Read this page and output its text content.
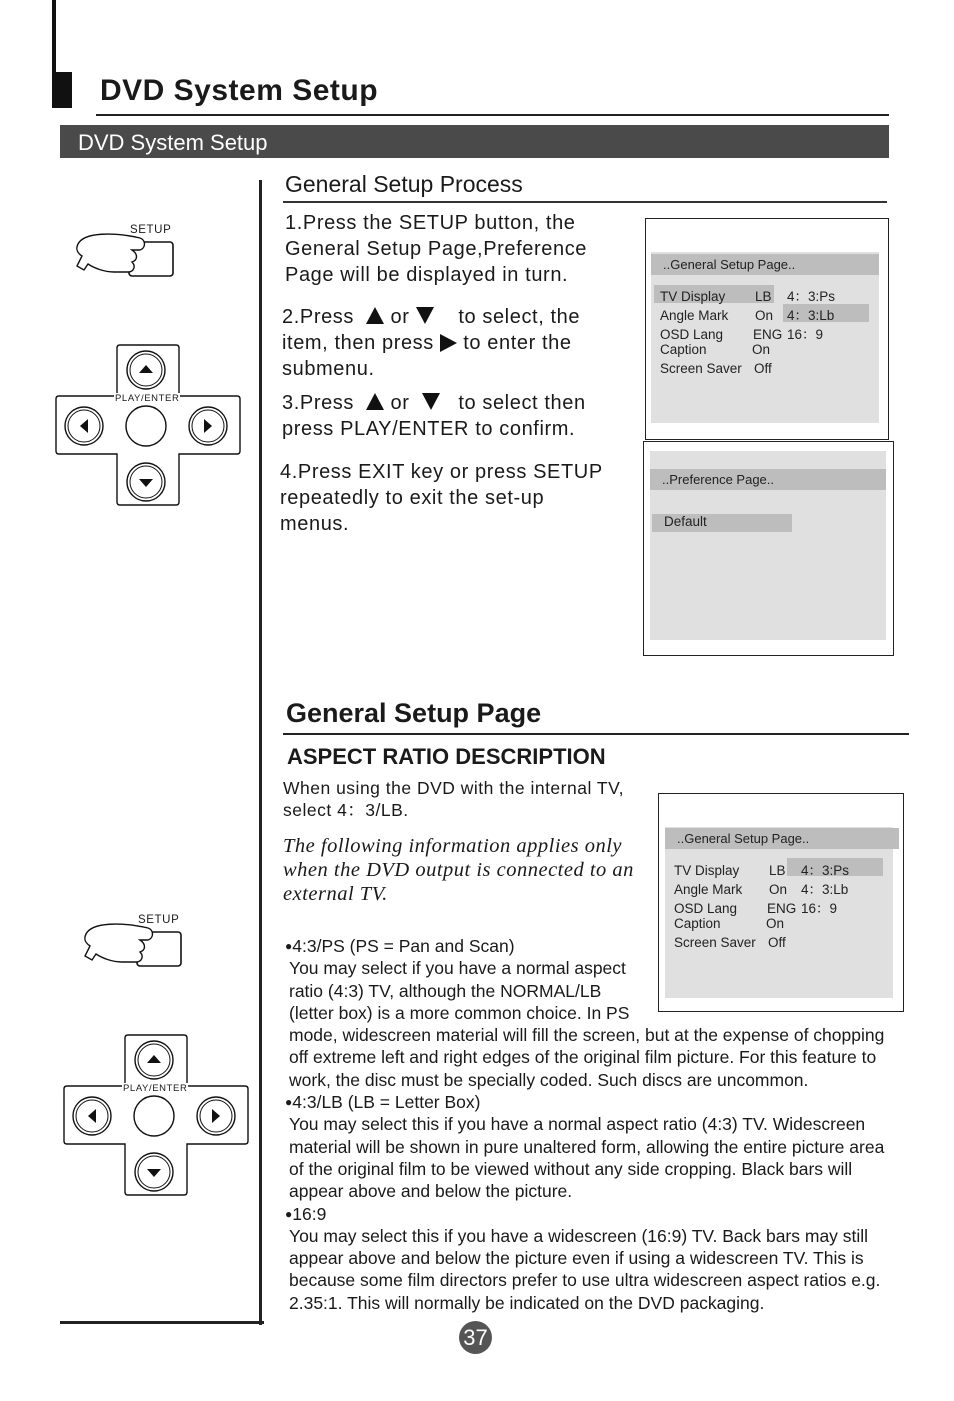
DVD System Setup
DVD System Setup
SETUP
PLAY/ENTER
SETUP
PLAY/ENTER
General Setup Process
1.Press the SETUP button, the
General Setup Page,Preference
Page will be displayed in turn.
2.Press or to select, the
item, then press to enter the
submenu.
3.Press or to select then
press PLAY/ENTER to confirm.
4.Press EXIT key or press SETUP
repeatedly to exit the set-up
menus.
..General Setup Page..
TV Display LB 4：3:Ps
Angle Mark On 4：3:Lb
OSD Lang ENG 16：9
Caption	On
Screen Saver Off
..Preference Page..
Default
General Setup Page
ASPECT RATIO DESCRIPTION
When using the DVD with the internal TV,
select 4：3/LB.
The following information applies only
when the DVD output is connected to an
external TV.
..General Setup Page..
TV Display LB 4：3:Ps
Angle Mark On 4：3:Lb
OSD Lang ENG 16：9
Caption	On
Screen Saver Off
●4:3/PS (PS = Pan and Scan)
You may select if you have a normal aspect
ratio (4:3) TV, although the NORMAL/LB
(letter box) is a more common choice. In PS
mode, widescreen material will fill the screen, but at the expense of chopping
off extreme left and right edges of the original film picture. For this feature to
work, the disc must be specially coded. Such discs are uncommon.
●4:3/LB (LB = Letter Box)
You may select this if you have a normal aspect ratio (4:3) TV. Widescreen
material will be shown in pure unaltered form, allowing the entire picture area
of the original film to be viewed without any side cropping. Black bars will
appear above and below the picture.
●16:9
You may select this if you have a widescreen (16:9) TV. Back bars may still
appear above and below the picture even if using a widescreen TV. This is
because some film directors prefer to use ultra widescreen aspect ratios e.g.
2.35:1. This will normally be indicated on the DVD packaging.
37
